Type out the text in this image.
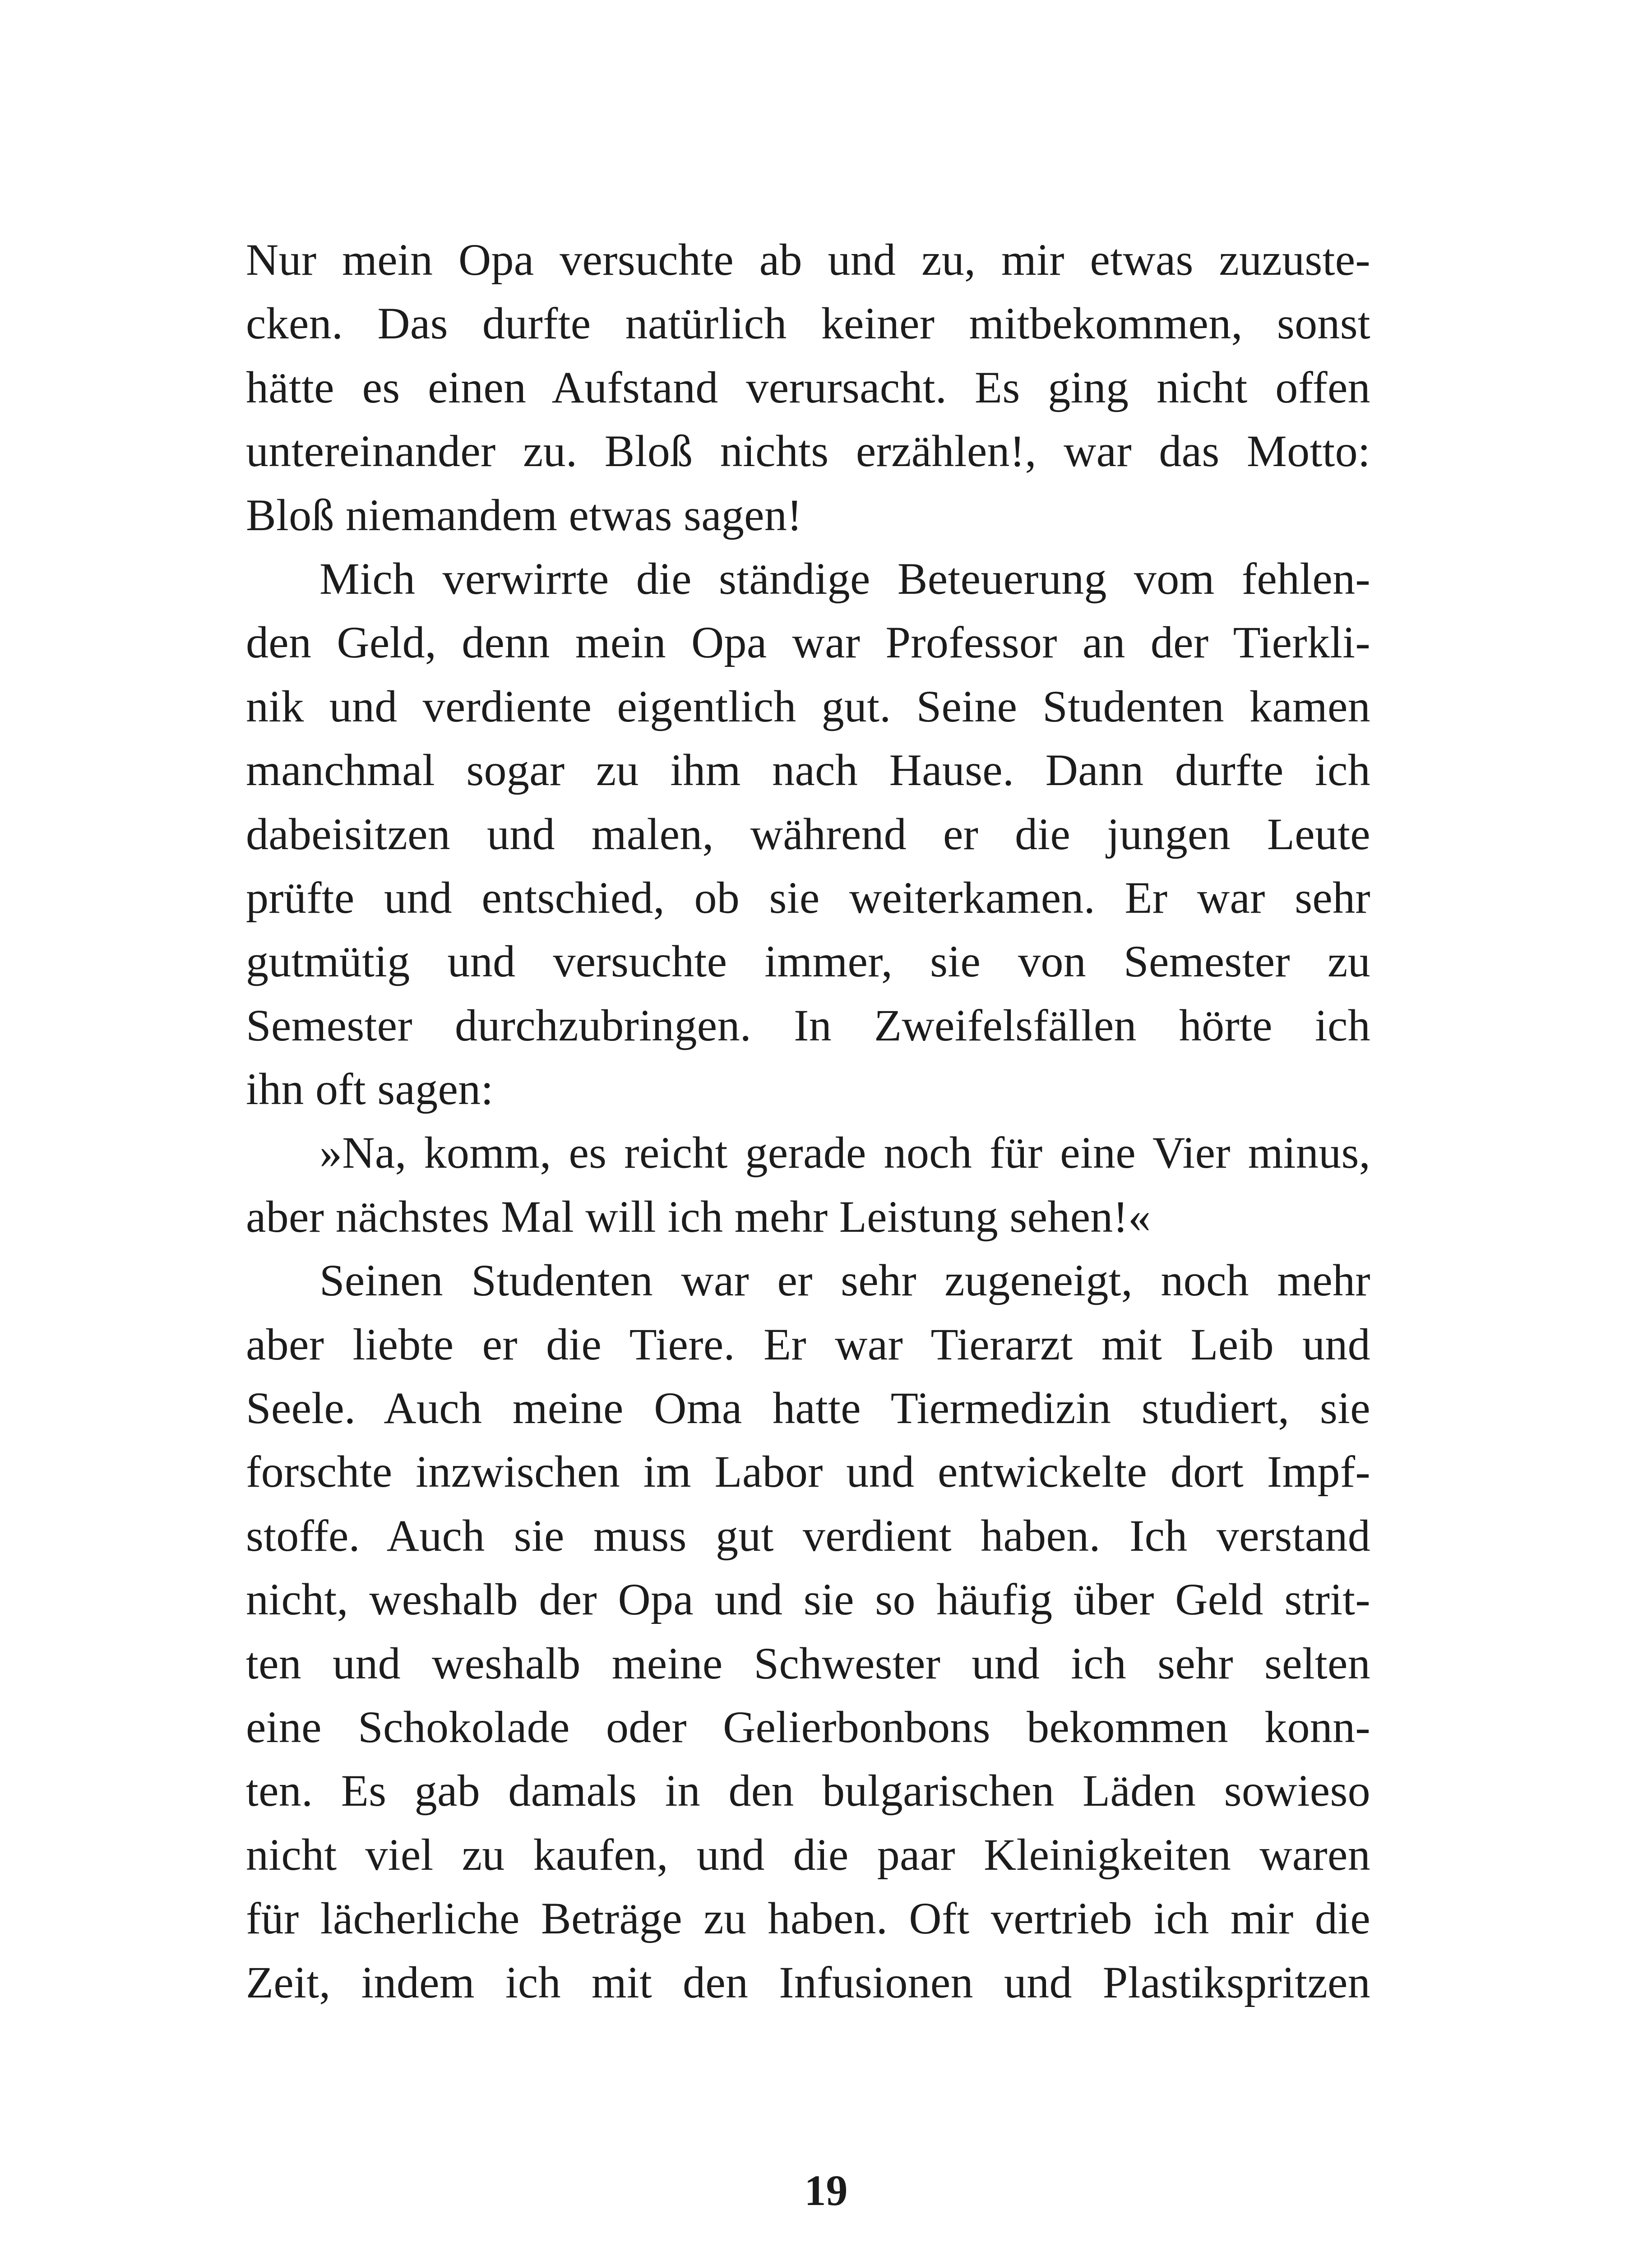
Nur mein Opa versuchte ab und zu, mir etwas zuzuste-
cken. Das durfte natürlich keiner mitbekommen, sonst
hätte es einen Aufstand verursacht. Es ging nicht offen
untereinander zu. Bloß nichts erzählen!, war das Motto:
Bloß niemandem etwas sagen!
Mich verwirrte die ständige Beteuerung vom fehlen-
den Geld, denn mein Opa war Professor an der Tierkli-
nik und verdiente eigentlich gut. Seine Studenten kamen
manchmal sogar zu ihm nach Hause. Dann durfte ich
dabeisitzen und malen, während er die jungen Leute
prüfte und entschied, ob sie weiterkamen. Er war sehr
gutmütig und versuchte immer, sie von Semester zu
Semester durchzubringen. In Zweifelsfällen hörte ich
ihn oft sagen:
»Na, komm, es reicht gerade noch für eine Vier minus,
aber nächstes Mal will ich mehr Leistung sehen!«
Seinen Studenten war er sehr zugeneigt, noch mehr
aber liebte er die Tiere. Er war Tierarzt mit Leib und
Seele. Auch meine Oma hatte Tiermedizin studiert, sie
forschte inzwischen im Labor und entwickelte dort Impf-
stoffe. Auch sie muss gut verdient haben. Ich verstand
nicht, weshalb der Opa und sie so häufig über Geld strit-
ten und weshalb meine Schwester und ich sehr selten
eine Schokolade oder Gelierbonbons bekommen konn-
ten. Es gab damals in den bulgarischen Läden sowieso
nicht viel zu kaufen, und die paar Kleinigkeiten waren
für lächerliche Beträge zu haben. Oft vertrieb ich mir die
Zeit, indem ich mit den Infusionen und Plastikspritzen
19
